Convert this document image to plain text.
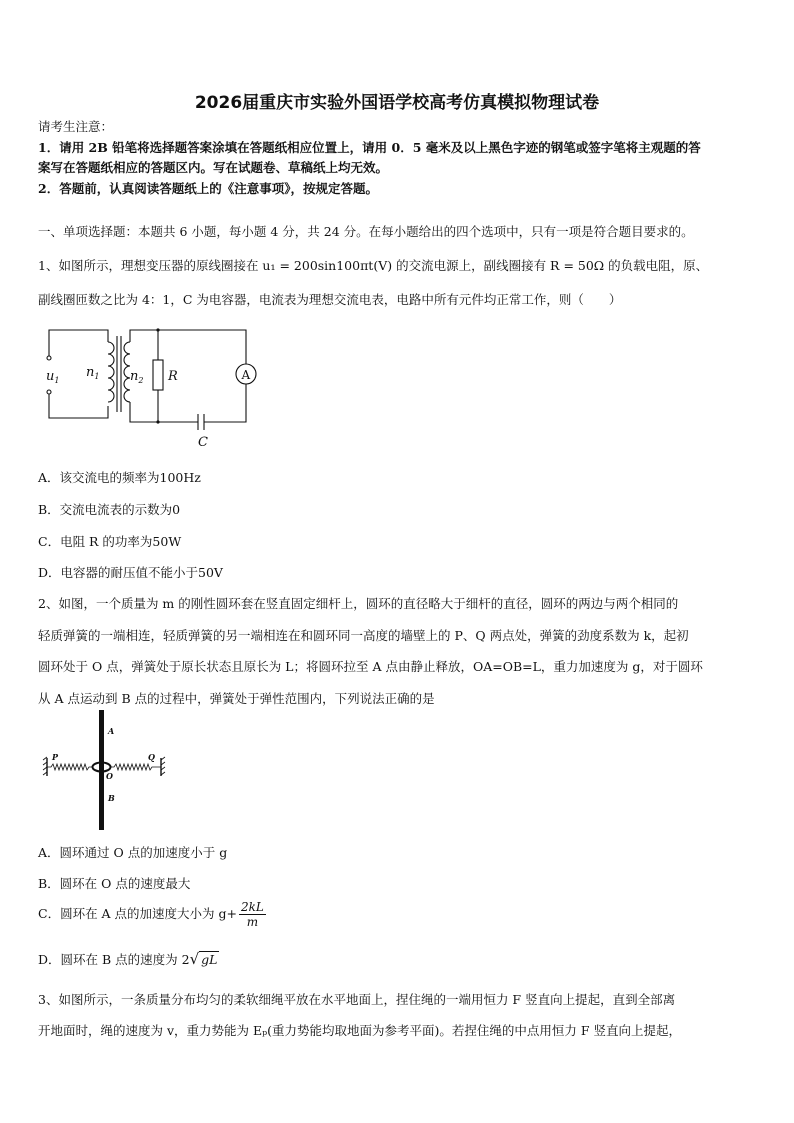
2026届重庆市实验外国语学校高考仿真模拟物理试卷
请考生注意：
1．请用 2B 铅笔将选择题答案涂填在答题纸相应位置上，请用 0．5 毫米及以上黑色字迹的钢笔或签字笔将主观题的答
案写在答题纸相应的答题区内。写在试题卷、草稿纸上均无效。
2．答题前，认真阅读答题纸上的《注意事项》，按规定答题。
一、单项选择题：本题共 6 小题，每小题 4 分，共 24 分。在每小题给出的四个选项中，只有一项是符合题目要求的。
1、如图所示，理想变压器的原线圈接在 u₁ = 200sin100πt(V) 的交流电源上，副线圈接有 R = 50Ω 的负载电阻，原、
副线圈匝数之比为 4：1，C 为电容器，电流表为理想交流电表，电路中所有元件均正常工作，则（　　）
$u_1$
$n_1$ $n_2$ R
C
A
A．该交流电的频率为100Hz
B．交流电流表的示数为0
C．电阻 R 的功率为50W
D．电容器的耐压值不能小于50V
2、如图，一个质量为 m 的刚性圆环套在竖直固定细杆上，圆环的直径略大于细杆的直径，圆环的两边与两个相同的
轻质弹簧的一端相连，轻质弹簧的另一端相连在和圆环同一高度的墙壁上的 P、Q 两点处，弹簧的劲度系数为 k，起初
圆环处于 O 点，弹簧处于原长状态且原长为 L；将圆环拉至 A 点由静止释放，OA=OB=L，重力加速度为 g，对于圆环
从 A 点运动到 B 点的过程中，弹簧处于弹性范围内，下列说法正确的是
A
O
B
P	Q
A．圆环通过 O 点的加速度小于 g
B．圆环在 O 点的速度最大
C．圆环在 A 点的加速度大小为 $g+ \frac{2kL}{m}$
D．圆环在 B 点的速度为 2√ gL
3、如图所示，一条质量分布均匀的柔软细绳平放在水平地面上，捏住绳的一端用恒力 F 竖直向上提起，直到全部离
开地面时，绳的速度为 v，重力势能为 Eₚ(重力势能均取地面为参考平面)。若捏住绳的中点用恒力 F 竖直向上提起，
